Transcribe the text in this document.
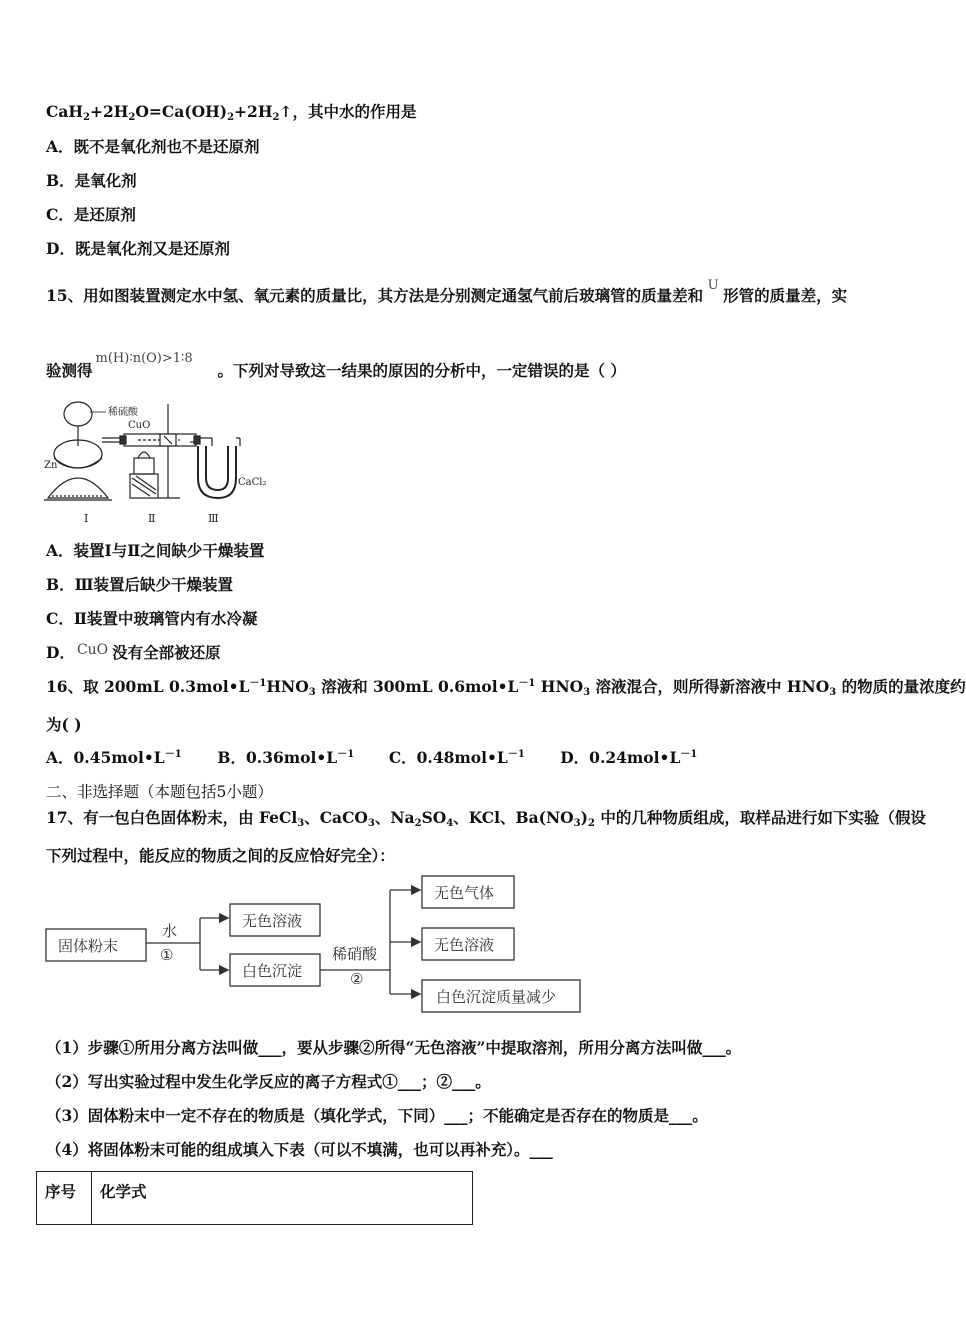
CaH2+2H2O=Ca(OH)2+2H2↑，其中水的作用是
A．既不是氧化剂也不是还原剂
B．是氧化剂
C．是还原剂
D．既是氧化剂又是还原剂
15、用如图装置测定水中氢、氧元素的质量比，其方法是分别测定通氢气前后玻璃管的质量差和U形管的质量差，实
验测得m(H)∶n(O)>1∶8。下列对导致这一结果的原因的分析中，一定错误的是（ ）
稀硫酸
CuO
Zn
CaCl₂
Ⅰ	Ⅱ	Ⅲ
A．装置Ⅰ与Ⅱ之间缺少干燥装置
B．Ⅲ装置后缺少干燥装置
C．Ⅱ装置中玻璃管内有水冷凝
D． CuO 没有全部被还原
16、取 200mL $0.3mol•L^{-1}HNO3$ 溶液和 300mL $0.6mol•L^{-1}$ HNO3 溶液混合，则所得新溶液中 HNO3 的物质的量浓度约
为( )
A．0.45mol•L－1 B．0.36mol•L－1 C．0.48mol•L－1 D．0.24mol•L－1
二、非选择题（本题包括5小题）
17、有一包白色固体粉末，由 FeCl3、CaCO3、Na2SO4、KCl、Ba(NO3)2 中的几种物质组成，取样品进行如下实验（假设
下列过程中，能反应的物质之间的反应恰好完全）：
固体粉末
水
①
无色溶液
白色沉淀
稀硝酸
②
无色气体
无色溶液
白色沉淀质量减少
（1）步骤①所用分离方法叫做___，要从步骤②所得“无色溶液”中提取溶剂，所用分离方法叫做___。
（2）写出实验过程中发生化学反应的离子方程式①___；②___。
（3）固体粉末中一定不存在的物质是（填化学式，下同）___；不能确定是否存在的物质是___。
（4）将固体粉末可能的组成填入下表（可以不填满，也可以再补充）。___
序号	化学式
